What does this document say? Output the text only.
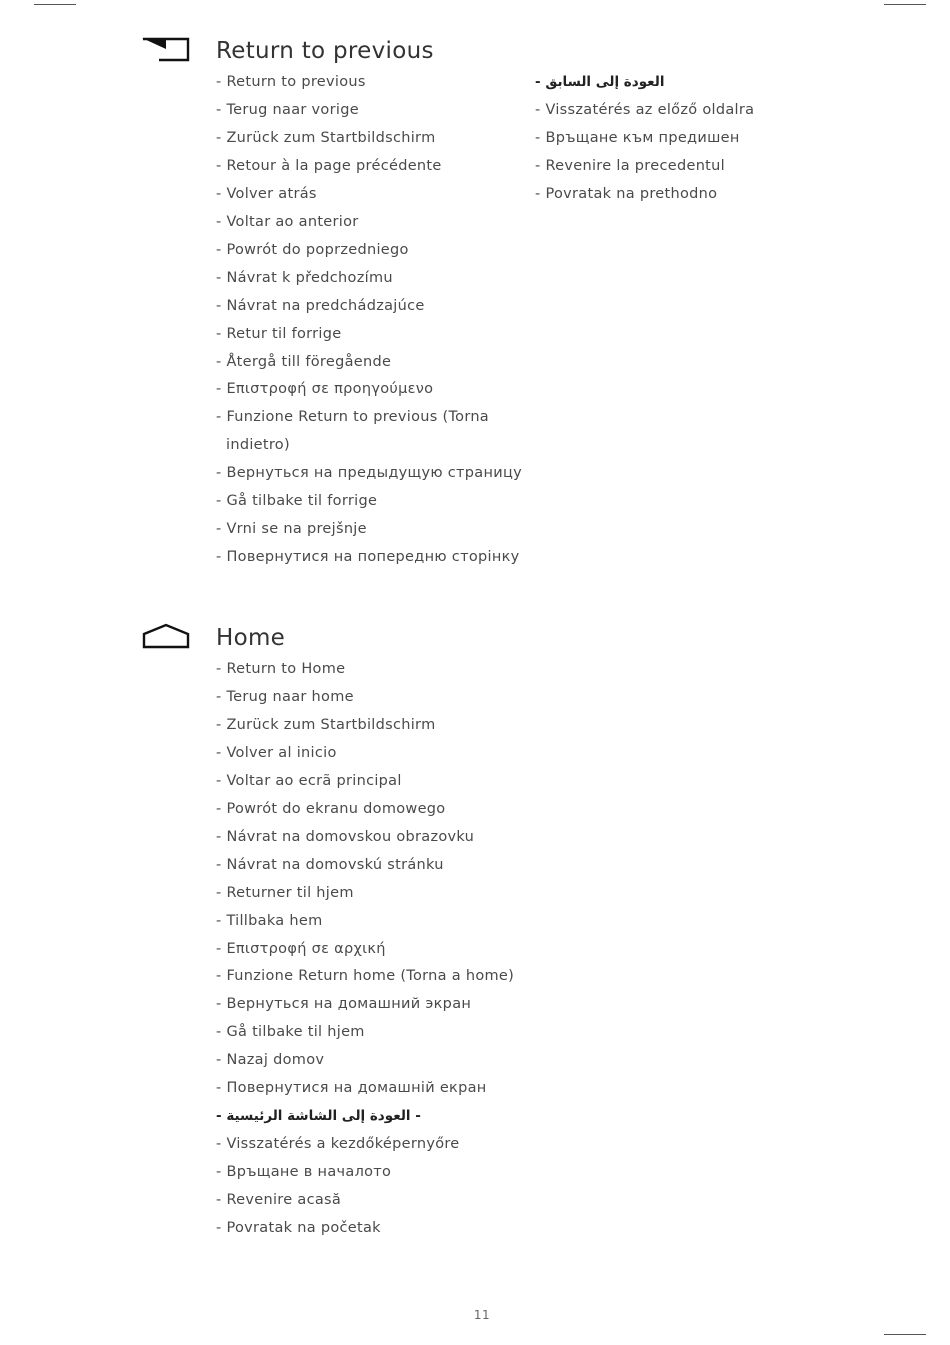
Return to previous
- Return to previous
- Terug naar vorige
- Zurück zum Startbildschirm
- Retour à la page précédente
- Volver atrás
- Voltar ao anterior
- Powrót do poprzedniego
- Návrat k předchozímu
- Návrat na predchádzajúce
- Retur til forrige
- Återgå till föregående
- Επιστροφή σε προηγούμενο
- Funzione Return to previous (Torna
indietro)
- Вернуться на предыдущую страницу
- Gå tilbake til forrige
- Vrni se na prejšnje
- Повернутися на попередню сторінку
- العودة إلى السابق
- Visszatérés az előző oldalra
- Връщане към предишен
- Revenire la precedentul
- Povratak na prethodno
Home
- Return to Home
- Terug naar home
- Zurück zum Startbildschirm
- Volver al inicio
- Voltar ao ecrã principal
- Powrót do ekranu domowego
- Návrat na domovskou obrazovku
- Návrat na domovskú stránku
- Returner til hjem
- Tillbaka hem
- Επιστροφή σε αρχική
- Funzione Return home (Torna a home)
- Вернуться на домашний экран
- Gå tilbake til hjem
- Nazaj domov
- Повернутися на домашній екран
- العودة إلى الشاشة الرئيسية -
- Visszatérés a kezdőképernyőre
- Връщане в началото
- Revenire acasă
- Povratak na početak
11
